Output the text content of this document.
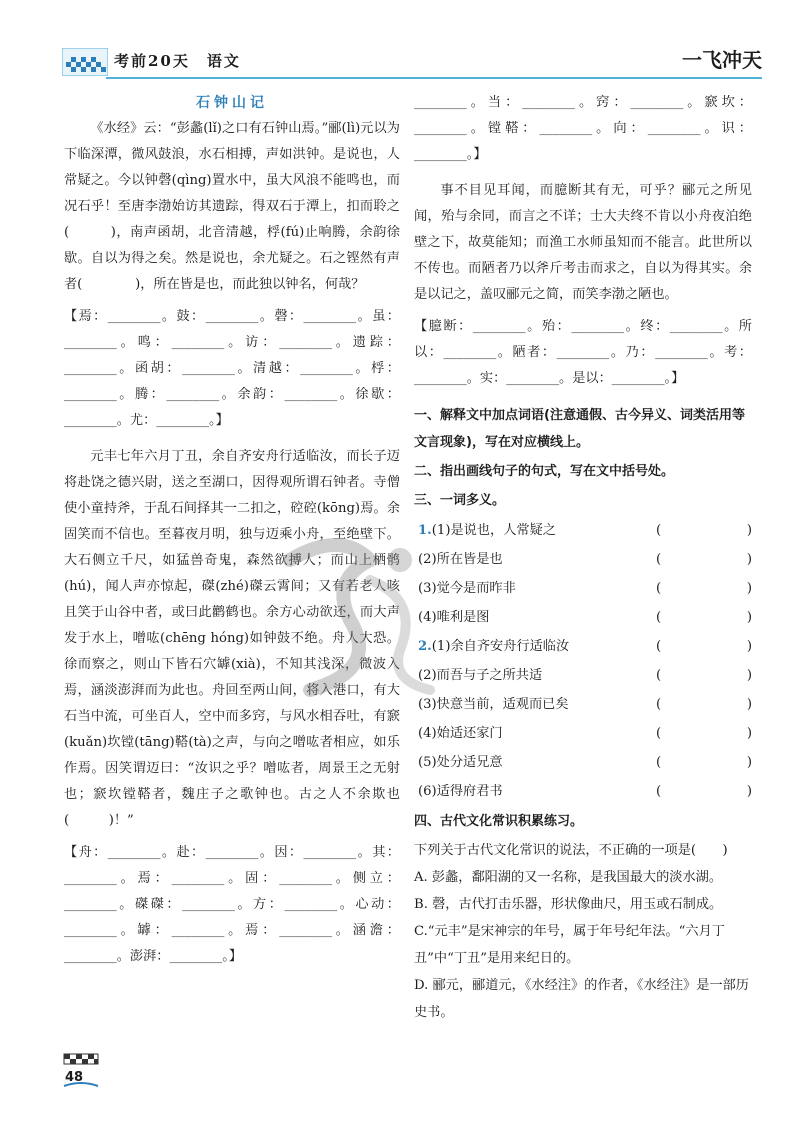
考前20天　语文	一飞冲天
石钟山记

《水经》云：“彭蠡(lǐ)之口有石钟山焉。”郦(lì)元以为下临深潭，微风鼓浪，水石相搏，声如洪钟。是说也，人常疑之。今以钟磬(qìng)置水中，虽大风浪不能鸣也，而况石乎！至唐李渤始访其遗踪，得双石于潭上，扣而聆之(　　　)，南声函胡，北音清越，桴(fú)止响腾，余韵徐歇。自以为得之矣。然是说也，余尤疑之。石之铿然有声者(　　　　)，所在皆是也，而此独以钟名，何哉？

【焉：________。鼓：________。磬：________。虽：________。鸣：________。访：________。遗踪：________。函胡：________。清越：________。桴：________。腾：________。余韵：________。徐歇：________。尤：________。】

元丰七年六月丁丑，余自齐安舟行适临汝，而长子迈将赴饶之德兴尉，送之至湖口，因得观所谓石钟者。寺僧使小童持斧，于乱石间择其一二扣之，硿硿(kōng)焉。余固笑而不信也。至暮夜月明，独与迈乘小舟，至绝壁下。大石侧立千尺，如猛兽奇鬼，森然欲搏人；而山上栖鹘(hú)，闻人声亦惊起，磔(zhé)磔云霄间；又有若老人咳且笑于山谷中者，或曰此鹳鹤也。余方心动欲还，而大声发于水上，噌吰(chēng hóng)如钟鼓不绝。舟人大恐。徐而察之，则山下皆石穴罅(xià)，不知其浅深，微波入焉，涵淡澎湃而为此也。舟回至两山间，将入港口，有大石当中流，可坐百人，空中而多窍，与风水相吞吐，有窾(kuǎn)坎镗(tāng)鞳(tà)之声，与向之噌吰者相应，如乐作焉。因笑谓迈曰：“汝识之乎？噌吰者，周景王之无射也；窾坎镗鞳者，魏庄子之歌钟也。古之人不余欺也(　　　)！”

【舟：________。赴：________。因：________。其：________。焉：________。固：________。侧立：________。磔磔：________。方：________。心动：________。罅：________。焉：________。涵澹：________。澎湃：________。】
________。当：________。窍：________。窾坎：________。镗鞳：________。向：________。识：________。】

事不目见耳闻，而臆断其有无，可乎？郦元之所见闻，殆与余同，而言之不详；士大夫终不肯以小舟夜泊绝壁之下，故莫能知；而渔工水师虽知而不能言。此世所以不传也。而陋者乃以斧斤考击而求之，自以为得其实。余是以记之，盖叹郦元之简，而笑李渤之陋也。

【臆断：________。殆：________。终：________。所以：________。陋者：________。乃：________。考：________。实：________。是以：________。】
一、解释文中加点词语(注意通假、古今异义、词类活用等文言现象)，写在对应横线上。
二、指出画线句子的句式，写在文中括号处。
三、一词多义。
1.(1)是说也，人常疑之	(	)
(2)所在皆是也	(	)
(3)觉今是而昨非	(	)
(4)唯利是图	(	)
2.(1)余自齐安舟行适临汝	(	)
(2)而吾与子之所共适	(	)
(3)快意当前，适观而已矣	(	)
(4)始适还家门	(	)
(5)处分适兄意	(	)
(6)适得府君书	(	)
四、古代文化常识积累练习。

下列关于古代文化常识的说法，不正确的一项是(　　)

A. 彭蠡，鄱阳湖的又一名称，是我国最大的淡水湖。

B. 磬，古代打击乐器，形状像曲尺，用玉或石制成。

C.“元丰”是宋神宗的年号，属于年号纪年法。“六月丁丑”中“丁丑”是用来纪日的。

D. 郦元，郦道元，《水经注》的作者，《水经注》是一部历史书。

48
